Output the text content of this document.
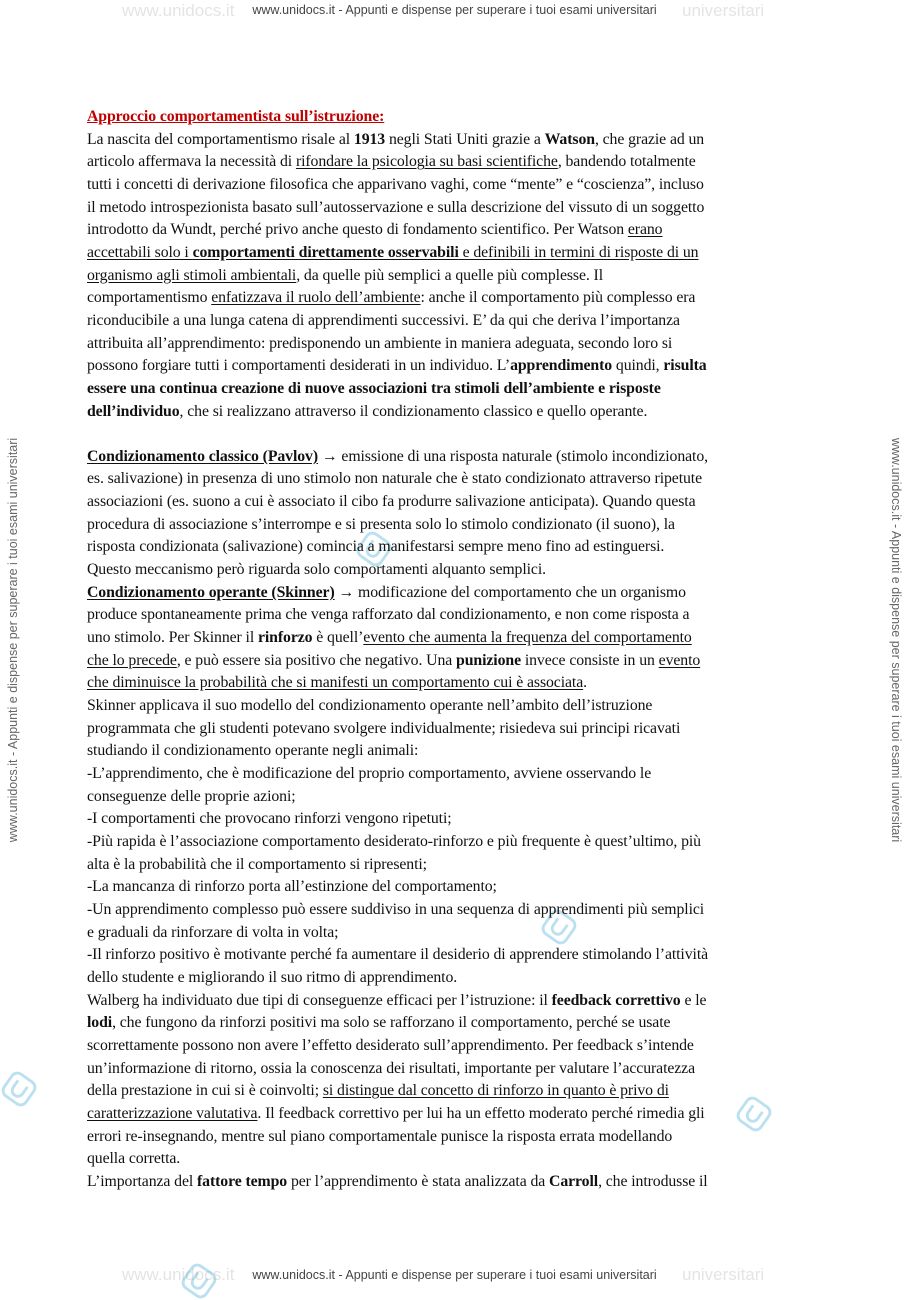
www.unidocs.it - Appunti e dispense per superare i tuoi esami universitari
www.unidocs.it	universitari
www.unidocs.it - Appunti e dispense per superare i tuoi esami universitari
www.unidocs.it	universitari
www.unidocs.it - Appunti e dispense per superare i tuoi esami universitari	www.unidocs.it - Appunti e dispense per superare i tuoi esami universitari

Approccio comportamentista sull’istruzione:

La nascita del comportamentismo risale al 1913 negli Stati Uniti grazie a Watson, che grazie ad un

articolo affermava la necessità di rifondare la psicologia su basi scientifiche, bandendo totalmente

tutti i concetti di derivazione filosofica che apparivano vaghi, come “mente” e “coscienza”, incluso

il metodo introspezionista basato sull’autosservazione e sulla descrizione del vissuto di un soggetto

introdotto da Wundt, perché privo anche questo di fondamento scientifico. Per Watson erano

accettabili solo i comportamenti direttamente osservabili e definibili in termini di risposte di un

organismo agli stimoli ambientali, da quelle più semplici a quelle più complesse. Il

comportamentismo enfatizzava il ruolo dell’ambiente: anche il comportamento più complesso era

riconducibile a una lunga catena di apprendimenti successivi. E’ da qui che deriva l’importanza

attribuita all’apprendimento: predisponendo un ambiente in maniera adeguata, secondo loro si

possono forgiare tutti i comportamenti desiderati in un individuo. L’apprendimento quindi, risulta

essere una continua creazione di nuove associazioni tra stimoli dell’ambiente e risposte

dell’individuo, che si realizzano attraverso il condizionamento classico e quello operante.

Condizionamento classico (Pavlov) → emissione di una risposta naturale (stimolo incondizionato,

es. salivazione) in presenza di uno stimolo non naturale che è stato condizionato attraverso ripetute

associazioni (es. suono a cui è associato il cibo fa produrre salivazione anticipata). Quando questa

procedura di associazione s’interrompe e si presenta solo lo stimolo condizionato (il suono), la

risposta condizionata (salivazione) comincia a manifestarsi sempre meno fino ad estinguersi.

Questo meccanismo però riguarda solo comportamenti alquanto semplici.

Condizionamento operante (Skinner) → modificazione del comportamento che un organismo

produce spontaneamente prima che venga rafforzato dal condizionamento, e non come risposta a

uno stimolo. Per Skinner il rinforzo è quell’evento che aumenta la frequenza del comportamento

che lo precede, e può essere sia positivo che negativo. Una punizione invece consiste in un evento

che diminuisce la probabilità che si manifesti un comportamento cui è associata.

Skinner applicava il suo modello del condizionamento operante nell’ambito dell’istruzione

programmata che gli studenti potevano svolgere individualmente; risiedeva sui principi ricavati

studiando il condizionamento operante negli animali:

-L’apprendimento, che è modificazione del proprio comportamento, avviene osservando le

conseguenze delle proprie azioni;

-I comportamenti che provocano rinforzi vengono ripetuti;

-Più rapida è l’associazione comportamento desiderato-rinforzo e più frequente è quest’ultimo, più

alta è la probabilità che il comportamento si ripresenti;

-La mancanza di rinforzo porta all’estinzione del comportamento;

-Un apprendimento complesso può essere suddiviso in una sequenza di apprendimenti più semplici

e graduali da rinforzare di volta in volta;

-Il rinforzo positivo è motivante perché fa aumentare il desiderio di apprendere stimolando l’attività

dello studente e migliorando il suo ritmo di apprendimento.

Walberg ha individuato due tipi di conseguenze efficaci per l’istruzione: il feedback correttivo e le

lodi, che fungono da rinforzi positivi ma solo se rafforzano il comportamento, perché se usate

scorrettamente possono non avere l’effetto desiderato sull’apprendimento. Per feedback s’intende

un’informazione di ritorno, ossia la conoscenza dei risultati, importante per valutare l’accuratezza

della prestazione in cui si è coinvolti; si distingue dal concetto di rinforzo in quanto è privo di

caratterizzazione valutativa. Il feedback correttivo per lui ha un effetto moderato perché rimedia gli

errori re-insegnando, mentre sul piano comportamentale punisce la risposta errata modellando

quella corretta.

L’importanza del fattore tempo per l’apprendimento è stata analizzata da Carroll, che introdusse il
